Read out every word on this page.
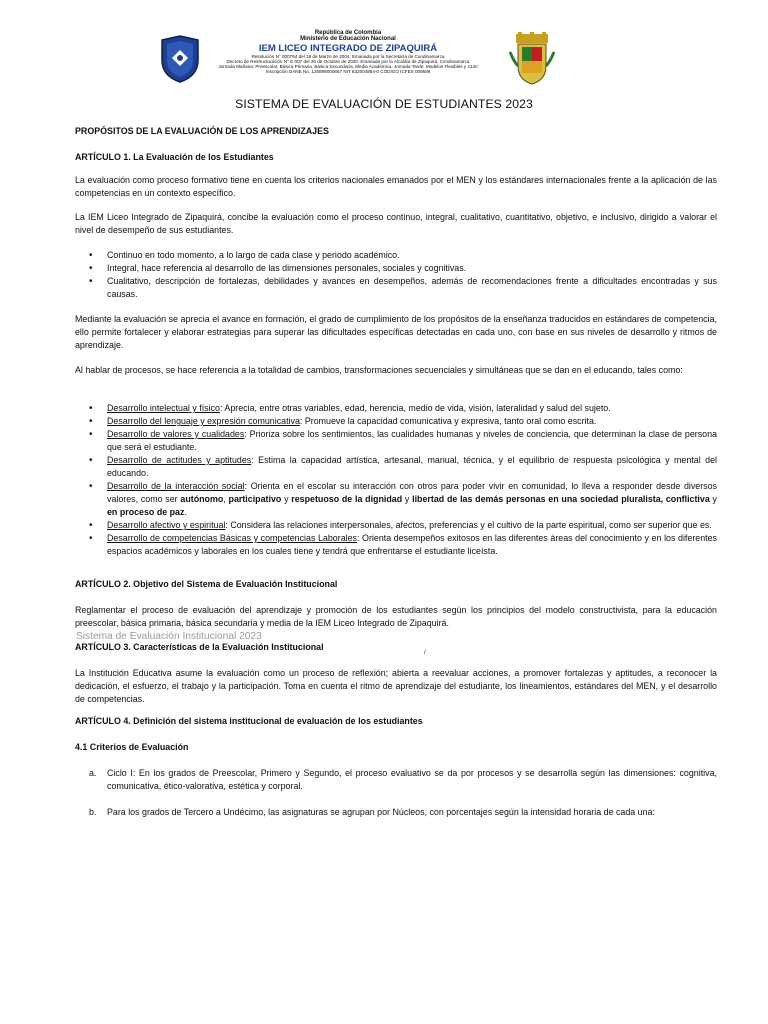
República de Colombia
Ministerio de Educación Nacional
IEM LICEO INTEGRADO DE ZIPAQUIRÁ
Resolución N° 000764 del 18 de Marzo de 2004. Emanada por la Secretaría de Cundinamarca
Decreto de Restructuración N° E 007 del 26 de Octubre de 2020. Emanada por la Alcaldía de Zipaquirá, Cundinamarca
Jornada Mañana: Preescolar, Básica Primaria, Básica Secundaria, Media Académica. Jornada Tarde: Modelos Flexibles y CLEI
Inscripción DANE No. 125899000657 NIT 832004884-0 CÓDIGO ICFES 009589
SISTEMA DE EVALUACIÓN DE ESTUDIANTES 2023
PROPÓSITOS DE LA EVALUACIÓN DE LOS APRENDIZAJES
ARTÍCULO 1. La Evaluación de los Estudiantes
La evaluación como proceso formativo tiene en cuenta los criterios nacionales emanados por el MEN y los estándares internacionales frente a la aplicación de las competencias en un contexto específico.
La IEM Liceo Integrado de Zipaquirá, concibe la evaluación como el proceso continuo, integral, cualitativo, cuantitativo, objetivo, e inclusivo, dirigido a valorar el nivel de desempeño de sus estudiantes.
• Continuo en todo momento, a lo largo de cada clase y periodo académico.
• Integral, hace referencia al desarrollo de las dimensiones personales, sociales y cognitivas.
• Cualitativo, descripción de fortalezas, debilidades y avances en desempeños, además de recomendaciones frente a dificultades encontradas y sus causas.
Mediante la evaluación se aprecia el avance en formación, el grado de cumplimiento de los propósitos de la enseñanza traducidos en estándares de competencia, ello permite fortalecer y elaborar estrategias para superar las dificultades específicas detectadas en cada uno, con base en sus niveles de desarrollo y ritmos de aprendizaje.
Al hablar de procesos, se hace referencia a la totalidad de cambios, transformaciones secuenciales y simultáneas que se dan en el educando, tales como:
• Desarrollo intelectual y físico: Aprecia, entre otras variables, edad, herencia, medio de vida, visión, lateralidad y salud del sujeto.
• Desarrollo del lenguaje y expresión comunicativa: Promueve la capacidad comunicativa y expresiva, tanto oral como escrita.
• Desarrollo de valores y cualidades: Prioriza sobre los sentimientos, las cualidades humanas y niveles de conciencia, que determinan la clase de persona que será el estudiante.
• Desarrollo de actitudes y aptitudes: Estima la capacidad artística, artesanal, manual, técnica, y el equilibrio de respuesta psicológica y mental del educando.
• Desarrollo de la interacción social: Orienta en el escolar su interacción con otros para poder vivir en comunidad, lo lleva a responder desde diversos valores, como ser autónomo, participativo y respetuoso de la dignidad y libertad de las demás personas en una sociedad pluralista, conflictiva y en proceso de paz.
• Desarrollo afectivo y espiritual: Considera las relaciones interpersonales, afectos, preferencias y el cultivo de la parte espiritual, como ser superior que es.
• Desarrollo de competencias Básicas y competencias Laborales: Orienta desempeños exitosos en las diferentes áreas del conocimiento y en los diferentes espacios académicos y laborales en los cuales tiene y tendrá que enfrentarse el estudiante liceísta.
ARTÍCULO 2. Objetivo del Sistema de Evaluación Institucional
Reglamentar el proceso de evaluación del aprendizaje y promoción de los estudiantes según los principios del modelo constructivista, para la educación preescolar, básica primaria, básica secundaria y media de la IEM Liceo Integrado de Zipaquirá.
ARTÍCULO 3. Características de la Evaluación Institucional
La Institución Educativa asume la evaluación como un proceso de reflexión; abierta a reevaluar acciones, a promover fortalezas y aptitudes, a reconocer la dedicación, el esfuerzo, el trabajo y la participación. Toma en cuenta el ritmo de aprendizaje del estudiante, los lineamientos, estándares del MEN, y el desarrollo de competencias.
ARTÍCULO 4. Definición del sistema institucional de evaluación de los estudiantes
4.1 Criterios de Evaluación
a. Ciclo I: En los grados de Preescolar, Primero y Segundo, el proceso evaluativo se da por procesos y se desarrolla según las dimensiones: cognitiva, comunicativa, ético-valorativa, estética y corporal.
b. Para los grados de Tercero a Undécimo, las asignaturas se agrupan por Núcleos, con porcentajes según la intensidad horaria de cada una:
Sistema de Evaluación Institucional 2023
/
